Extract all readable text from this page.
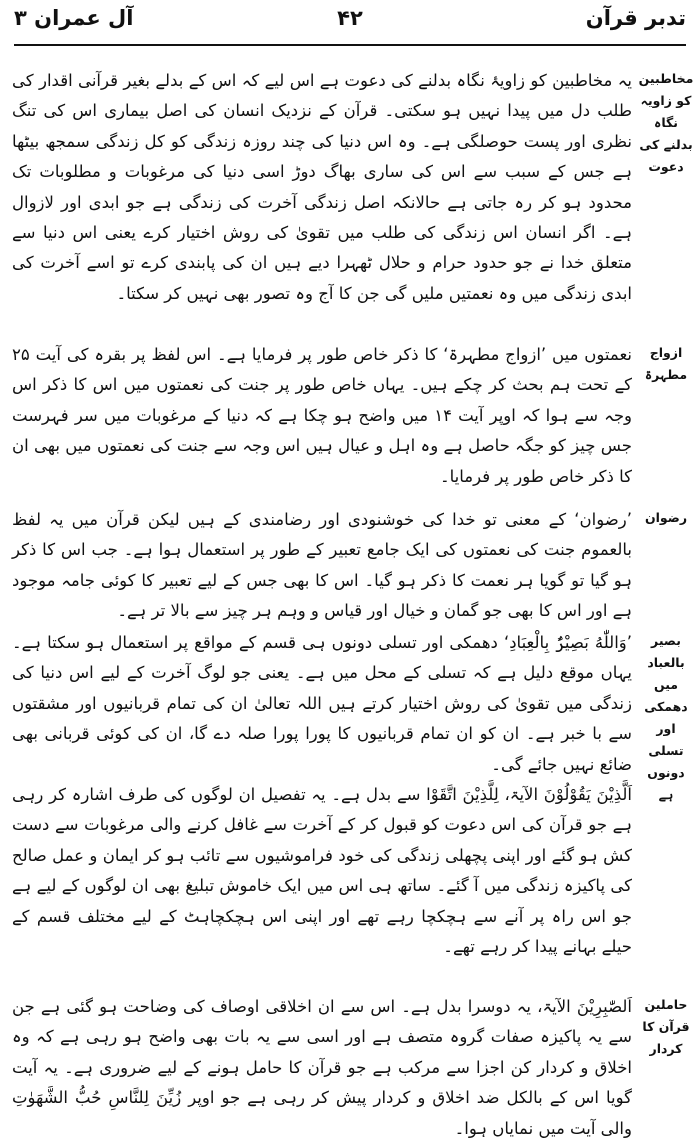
تدبر قرآن
۴۲
آل عمران ۳
مخاطبین کو زاویہ نگاہ بدلنے کی دعوت

یہ مخاطبین کو زاویۂ نگاہ بدلنے کی دعوت ہے اس لیے کہ اس کے بدلے بغیر قرآنی اقدار کی طلب دل میں پیدا نہیں ہو سکتی۔ قرآن کے نزدیک انسان کی اصل بیماری اس کی تنگ نظری اور پست حوصلگی ہے۔ وہ اس دنیا کی چند روزہ زندگی کو کل زندگی سمجھ بیٹھا ہے جس کے سبب سے اس کی ساری بھاگ دوڑ اسی دنیا کی مرغوبات و مطلوبات تک محدود ہو کر رہ جاتی ہے حالانکہ اصل زندگی آخرت کی زندگی ہے جو ابدی اور لازوال ہے۔ اگر انسان اس زندگی کی طلب میں تقویٰ کی روش اختیار کرے یعنی اس دنیا سے متعلق خدا نے جو حدود حرام و حلال ٹھہرا دیے ہیں ان کی پابندی کرے تو اسے آخرت کی ابدی زندگی میں وہ نعمتیں ملیں گی جن کا آج وہ تصور بھی نہیں کر سکتا۔

ازواج مطہرۃ

نعمتوں میں ’ازواج مطہرۃ‘ کا ذکر خاص طور پر فرمایا ہے۔ اس لفظ پر بقرہ کی آیت ۲۵ کے تحت ہم بحث کر چکے ہیں۔ یہاں خاص طور پر جنت کی نعمتوں میں اس کا ذکر اس وجہ سے ہوا کہ اوپر آیت ۱۴ میں واضح ہو چکا ہے کہ دنیا کے مرغوبات میں سر فہرست جس چیز کو جگہ حاصل ہے وہ اہل و عیال ہیں اس وجہ سے جنت کی نعمتوں میں بھی ان کا ذکر خاص طور پر فرمایا۔

رضوان

’رضوان‘ کے معنی تو خدا کی خوشنودی اور رضامندی کے ہیں لیکن قرآن میں یہ لفظ بالعموم جنت کی نعمتوں کی ایک جامع تعبیر کے طور پر استعمال ہوا ہے۔ جب اس کا ذکر ہو گیا تو گویا ہر نعمت کا ذکر ہو گیا۔ اس کا بھی جس کے لیے تعبیر کا کوئی جامہ موجود ہے اور اس کا بھی جو گمان و خیال اور قیاس و وہم ہر چیز سے بالا تر ہے۔

بصیر بالعباد میں دھمکی اور تسلی دونوں ہے

’وَاللّٰهُ بَصِيْرٌۢ بِالْعِبَادِ‘ دھمکی اور تسلی دونوں ہی قسم کے مواقع پر استعمال ہو سکتا ہے۔ یہاں موقع دلیل ہے کہ تسلی کے محل میں ہے۔ یعنی جو لوگ آخرت کے لیے اس دنیا کی زندگی میں تقویٰ کی روش اختیار کرتے ہیں اللہ تعالیٰ ان کی تمام قربانیوں اور مشقتوں سے با خبر ہے۔ ان کو ان تمام قربانیوں کا پورا پورا صلہ دے گا، ان کی کوئی قربانی بھی ضائع نہیں جائے گی۔

اَلَّذِيْنَ يَقُوْلُوْنَ الآیۃ، لِلَّذِيْنَ اتَّقَوْا سے بدل ہے۔ یہ تفصیل ان لوگوں کی طرف اشارہ کر رہی ہے جو قرآن کی اس دعوت کو قبول کر کے آخرت سے غافل کرنے والی مرغوبات سے دست کش ہو گئے اور اپنی پچھلی زندگی کی خود فراموشیوں سے تائب ہو کر ایمان و عمل صالح کی پاکیزہ زندگی میں آ گئے۔ ساتھ ہی اس میں ایک خاموش تبلیغ بھی ان لوگوں کے لیے ہے جو اس راہ پر آنے سے ہچکچا رہے تھے اور اپنی اس ہچکچاہٹ کے لیے مختلف قسم کے حیلے بہانے پیدا کر رہے تھے۔

حاملین قرآن کا کردار

اَلصّٰبِرِيْنَ الآیۃ، یہ دوسرا بدل ہے۔ اس سے ان اخلاقی اوصاف کی وضاحت ہو گئی ہے جن سے یہ پاکیزہ صفات گروہ متصف ہے اور اسی سے یہ بات بھی واضح ہو رہی ہے کہ وہ اخلاق و کردار کن اجزا سے مرکب ہے جو قرآن کا حامل ہونے کے لیے ضروری ہے۔ یہ آیت گویا اس کے بالکل ضد اخلاق و کردار پیش کر رہی ہے جو اوپر زُيِّنَ لِلنَّاسِ حُبُّ الشَّهَوٰتِ والی آیت میں نمایاں ہوا۔
